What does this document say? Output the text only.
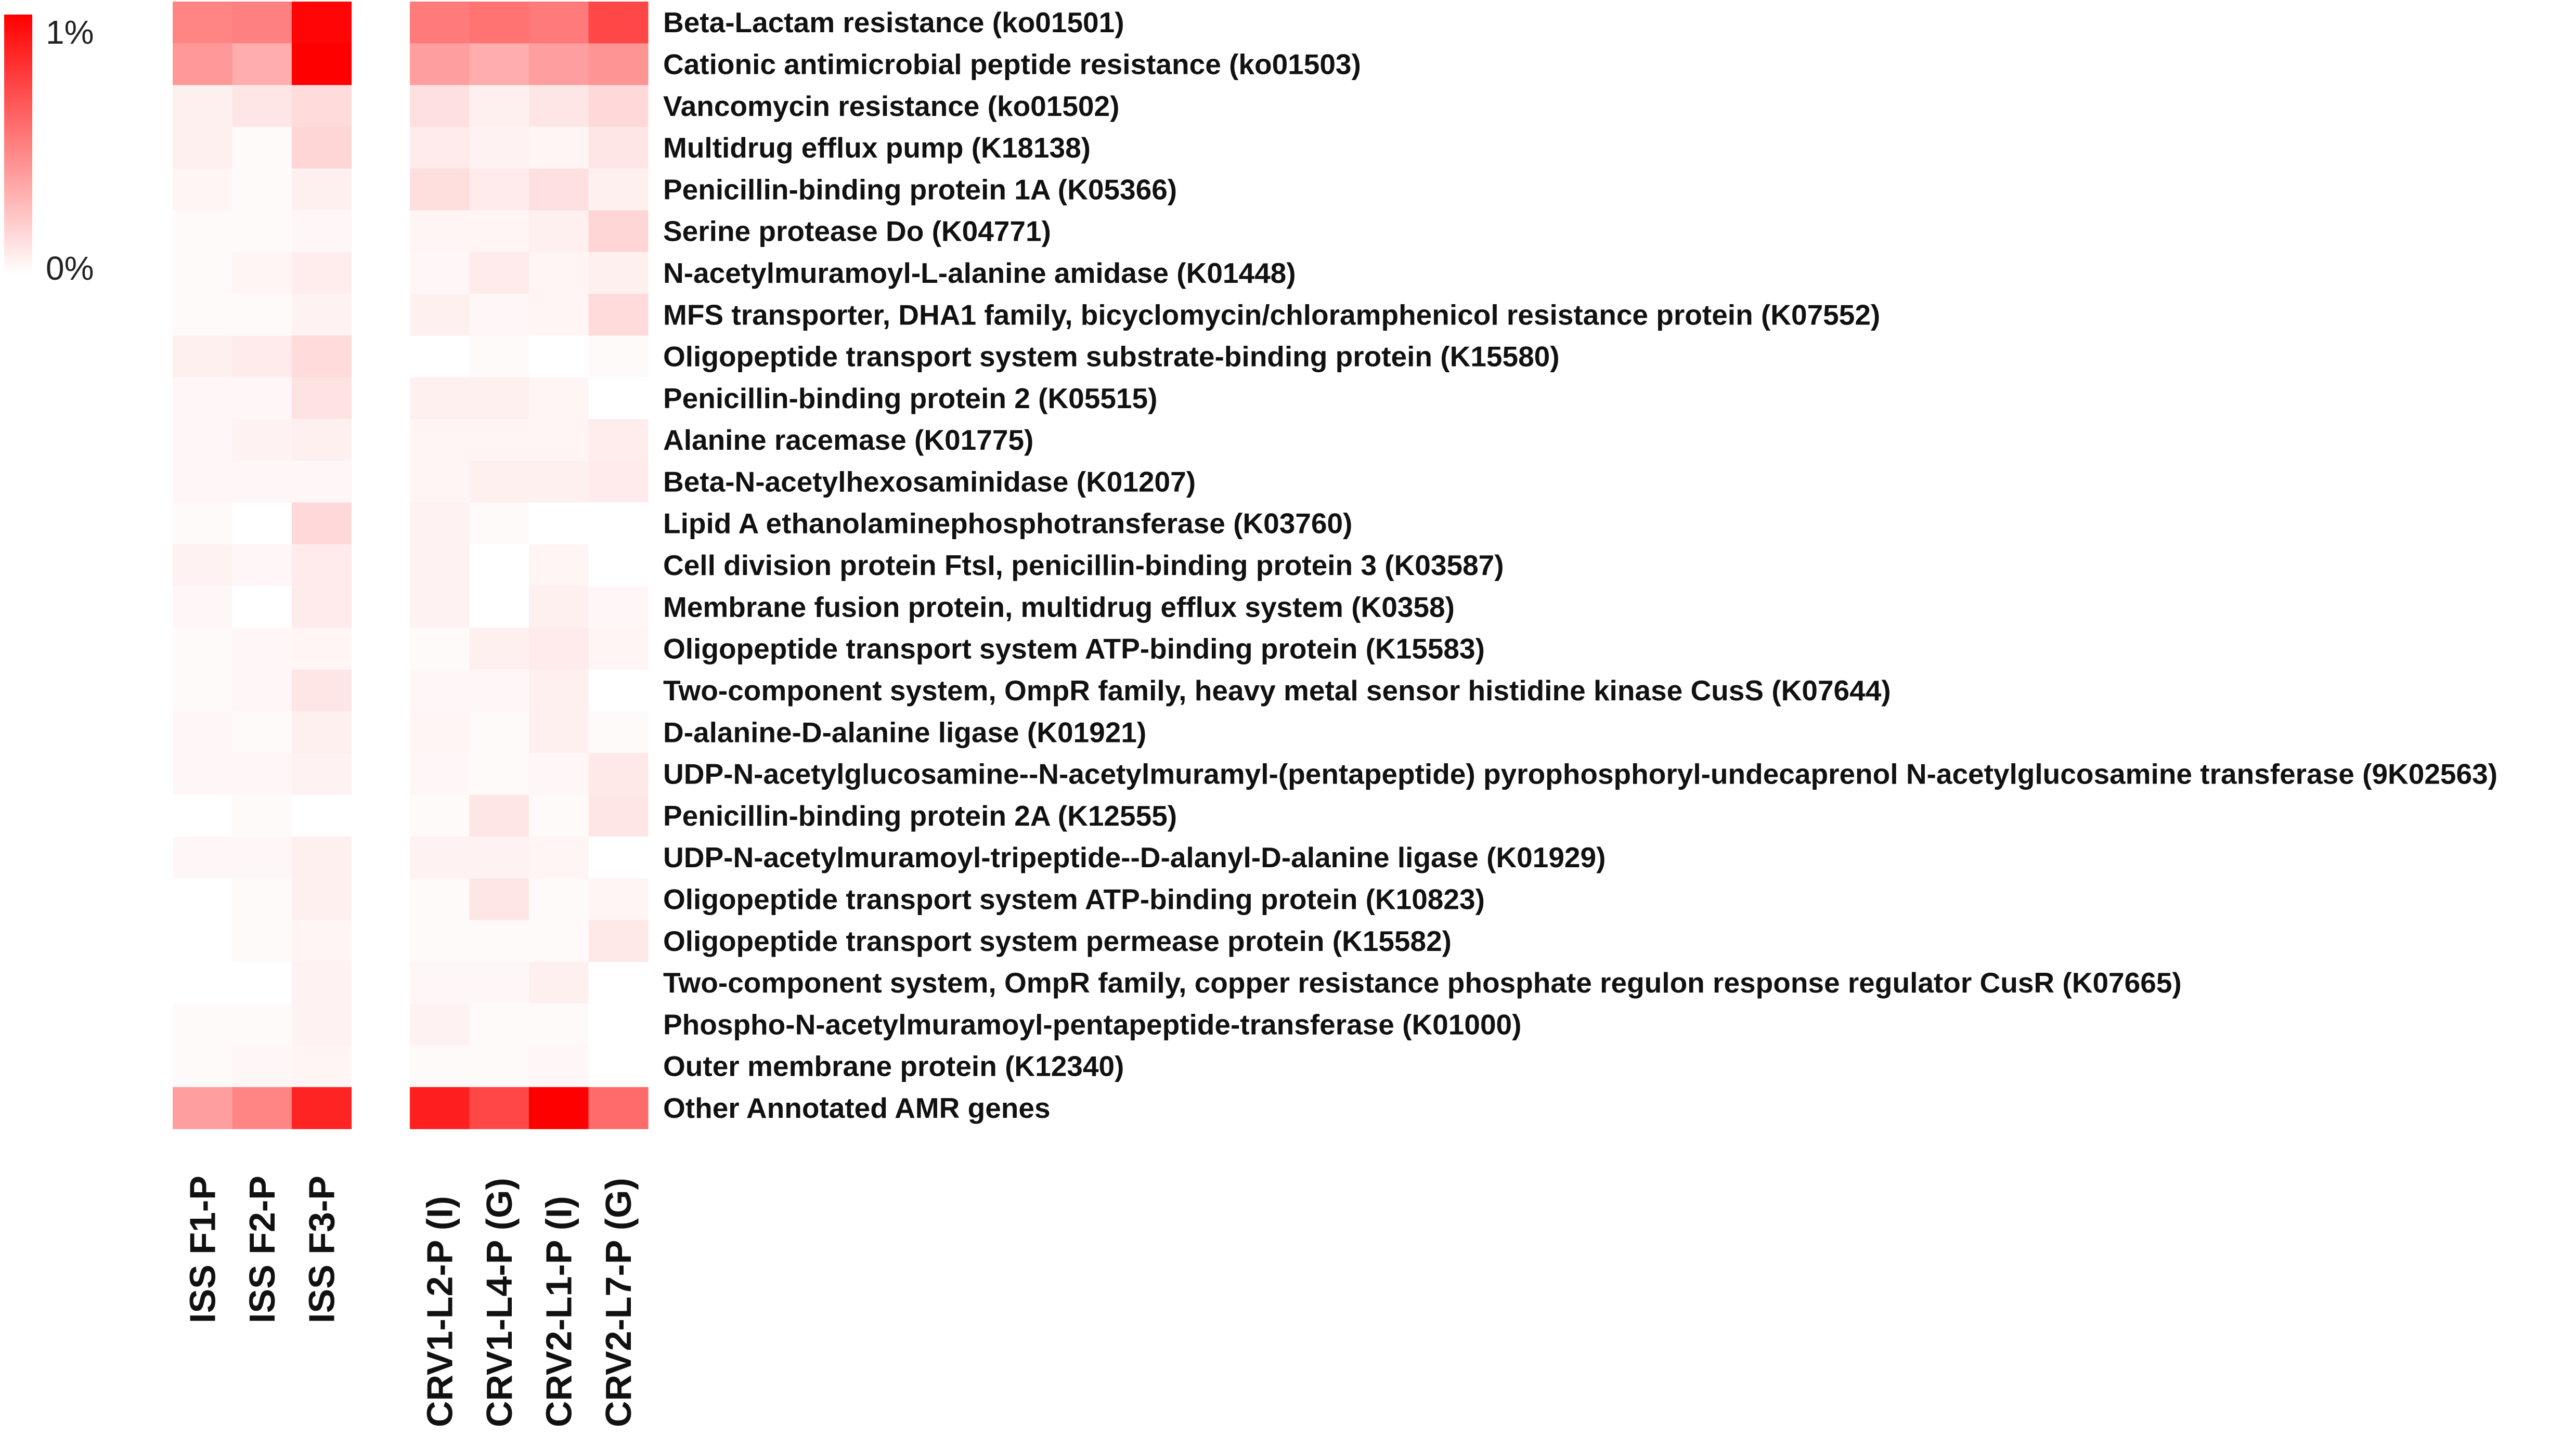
1%
0%
Beta-Lactam resistance (ko01501)
Cationic antimicrobial peptide resistance (ko01503)
Vancomycin resistance (ko01502)
Multidrug efflux pump (K18138)
Penicillin-binding protein 1A (K05366)
Serine protease Do (K04771)
N-acetylmuramoyl-L-alanine amidase (K01448)
MFS transporter, DHA1 family, bicyclomycin/chloramphenicol resistance protein (K07552)
Oligopeptide transport system substrate-binding protein (K15580)
Penicillin-binding protein 2 (K05515)
Alanine racemase (K01775)
Beta-N-acetylhexosaminidase (K01207)
Lipid A ethanolaminephosphotransferase (K03760)
Cell division protein FtsI, penicillin-binding protein 3 (K03587)
Membrane fusion protein, multidrug efflux system (K0358)
Oligopeptide transport system ATP-binding protein (K15583)
Two-component system, OmpR family, heavy metal sensor histidine kinase CusS (K07644)
D-alanine-D-alanine ligase (K01921)
UDP-N-acetylglucosamine--N-acetylmuramyl-(pentapeptide) pyrophosphoryl-undecaprenol N-acetylglucosamine transferase (9K02563)
Penicillin-binding protein 2A (K12555)
UDP-N-acetylmuramoyl-tripeptide--D-alanyl-D-alanine ligase (K01929)
Oligopeptide transport system ATP-binding protein (K10823)
Oligopeptide transport system permease protein (K15582)
Two-component system, OmpR family, copper resistance phosphate regulon response regulator CusR (K07665)
Phospho-N-acetylmuramoyl-pentapeptide-transferase (K01000)
Outer membrane protein (K12340)
Other Annotated AMR genes
ISS F1-P ISS F2-P ISS F3-P CRV1-L2-P (I) CRV1-L4-P (G) CRV2-L1-P (I) CRV2-L7-P (G)
